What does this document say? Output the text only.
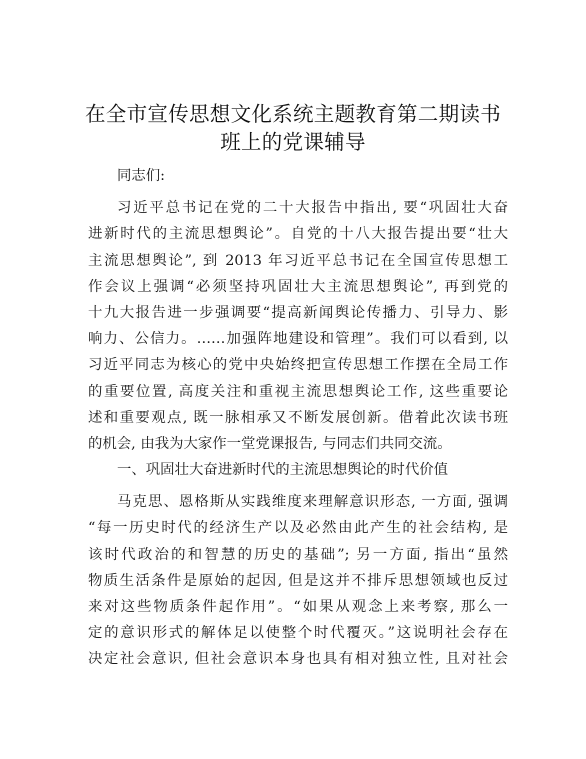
在全市宣传思想文化系统主题教育第二期读书
班上的党课辅导
同志们:
习近平总书记在党的二十大报告中指出, 要“巩固壮大奋
进新时代的主流思想舆论”。自党的十八大报告提出要“壮大
主流思想舆论”, 到 2013 年习近平总书记在全国宣传思想工
作会议上强调“必须坚持巩固壮大主流思想舆论”, 再到党的
十九大报告进一步强调要“提高新闻舆论传播力、引导力、影
响力、公信力。……加强阵地建设和管理”。我们可以看到, 以
习近平同志为核心的党中央始终把宣传思想工作摆在全局工作
的重要位置, 高度关注和重视主流思想舆论工作, 这些重要论
述和重要观点, 既一脉相承又不断发展创新。借着此次读书班
的机会, 由我为大家作一堂党课报告, 与同志们共同交流。
一、巩固壮大奋进新时代的主流思想舆论的时代价值
马克思、恩格斯从实践维度来理解意识形态, 一方面, 强调
“每一历史时代的经济生产以及必然由此产生的社会结构, 是
该时代政治的和智慧的历史的基础”; 另一方面, 指出“虽然
物质生活条件是原始的起因, 但是这并不排斥思想领域也反过
来对这些物质条件起作用”。“如果从观念上来考察, 那么一
定的意识形式的解体足以使整个时代覆灭。”这说明社会存在
决定社会意识, 但社会意识本身也具有相对独立性, 且对社会
